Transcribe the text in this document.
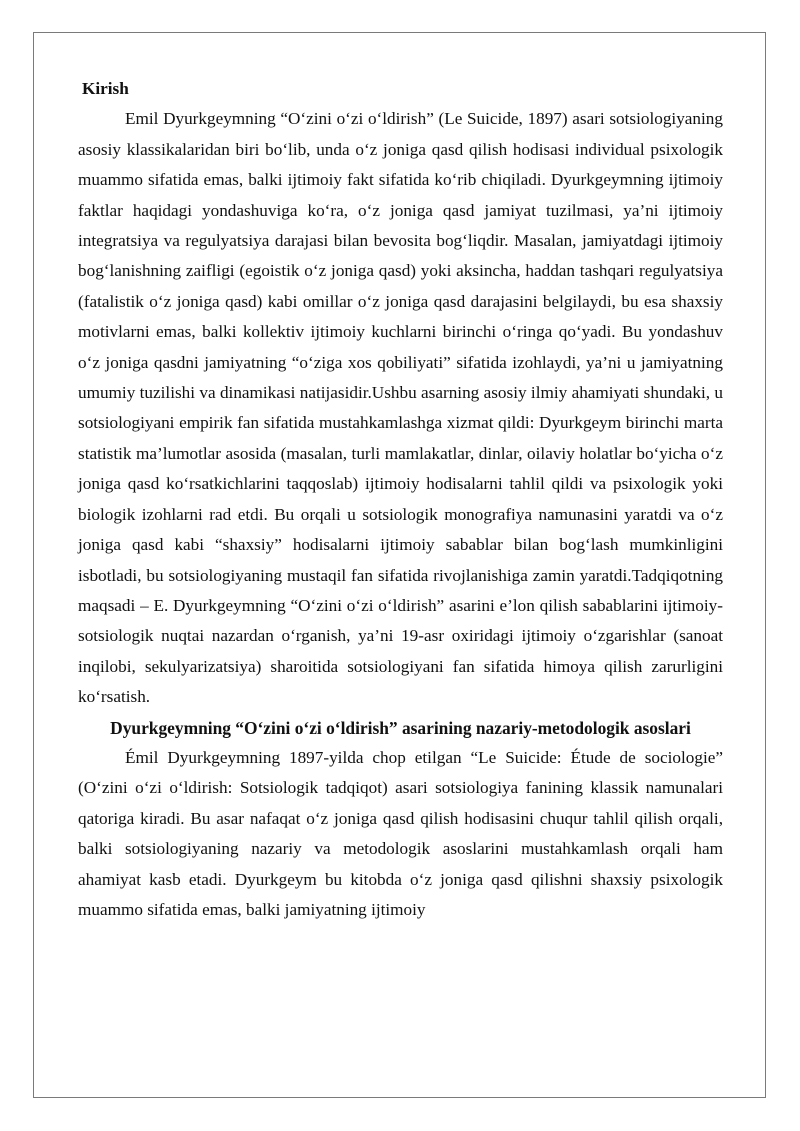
Kirish

Emil Dyurkgeymning “O‘zini o‘zi o‘ldirish” (Le Suicide, 1897) asari sotsiologiyaning asosiy klassikalaridan biri bo‘lib, unda o‘z joniga qasd qilish hodisasi individual psixologik muammo sifatida emas, balki ijtimoiy fakt sifatida ko‘rib chiqiladi. Dyurkgeymning ijtimoiy faktlar haqidagi yondashuviga ko‘ra, o‘z joniga qasd jamiyat tuzilmasi, ya’ni ijtimoiy integratsiya va regulyatsiya darajasi bilan bevosita bog‘liqdir. Masalan, jamiyatdagi ijtimoiy bog‘lanishning zaifligi (egoistik o‘z joniga qasd) yoki aksincha, haddan tashqari regulyatsiya (fatalistik o‘z joniga qasd) kabi omillar o‘z joniga qasd darajasini belgilaydi, bu esa shaxsiy motivlarni emas, balki kollektiv ijtimoiy kuchlarni birinchi o‘ringa qo‘yadi. Bu yondashuv o‘z joniga qasdni jamiyatning “o‘ziga xos qobiliyati” sifatida izohlaydi, ya’ni u jamiyatning umumiy tuzilishi va dinamikasi natijasidir.Ushbu asarning asosiy ilmiy ahamiyati shundaki, u sotsiologiyani empirik fan sifatida mustahkamlashga xizmat qildi: Dyurkgeym birinchi marta statistik ma’lumotlar asosida (masalan, turli mamlakatlar, dinlar, oilaviy holatlar bo‘yicha o‘z joniga qasd ko‘rsatkichlarini taqqoslab) ijtimoiy hodisalarni tahlil qildi va psixologik yoki biologik izohlarni rad etdi. Bu orqali u sotsiologik monografiya namunasini yaratdi va o‘z joniga qasd kabi “shaxsiy” hodisalarni ijtimoiy sabablar bilan bog‘lash mumkinligini isbotladi, bu sotsiologiyaning mustaqil fan sifatida rivojlanishiga zamin yaratdi.Tadqiqotning maqsadi – E. Dyurkgeymning “O‘zini o‘zi o‘ldirish” asarini e’lon qilish sabablarini ijtimoiy-sotsiologik nuqtai nazardan o‘rganish, ya’ni 19-asr oxiridagi ijtimoiy o‘zgarishlar (sanoat inqilobi, sekulyarizatsiya) sharoitida sotsiologiyani fan sifatida himoya qilish zarurligini ko‘rsatish.

Dyurkgeymning “O‘zini o‘zi o‘ldirish” asarining nazariy-metodologik asoslari

Émil Dyurkgeymning 1897-yilda chop etilgan “Le Suicide: Étude de sociologie” (O‘zini o‘zi o‘ldirish: Sotsiologik tadqiqot) asari sotsiologiya fanining klassik namunalari qatoriga kiradi. Bu asar nafaqat o‘z joniga qasd qilish hodisasini chuqur tahlil qilish orqali, balki sotsiologiyaning nazariy va metodologik asoslarini mustahkamlash orqali ham ahamiyat kasb etadi. Dyurkgeym bu kitobda o‘z joniga qasd qilishni shaxsiy psixologik muammo sifatida emas, balki jamiyatning ijtimoiy
